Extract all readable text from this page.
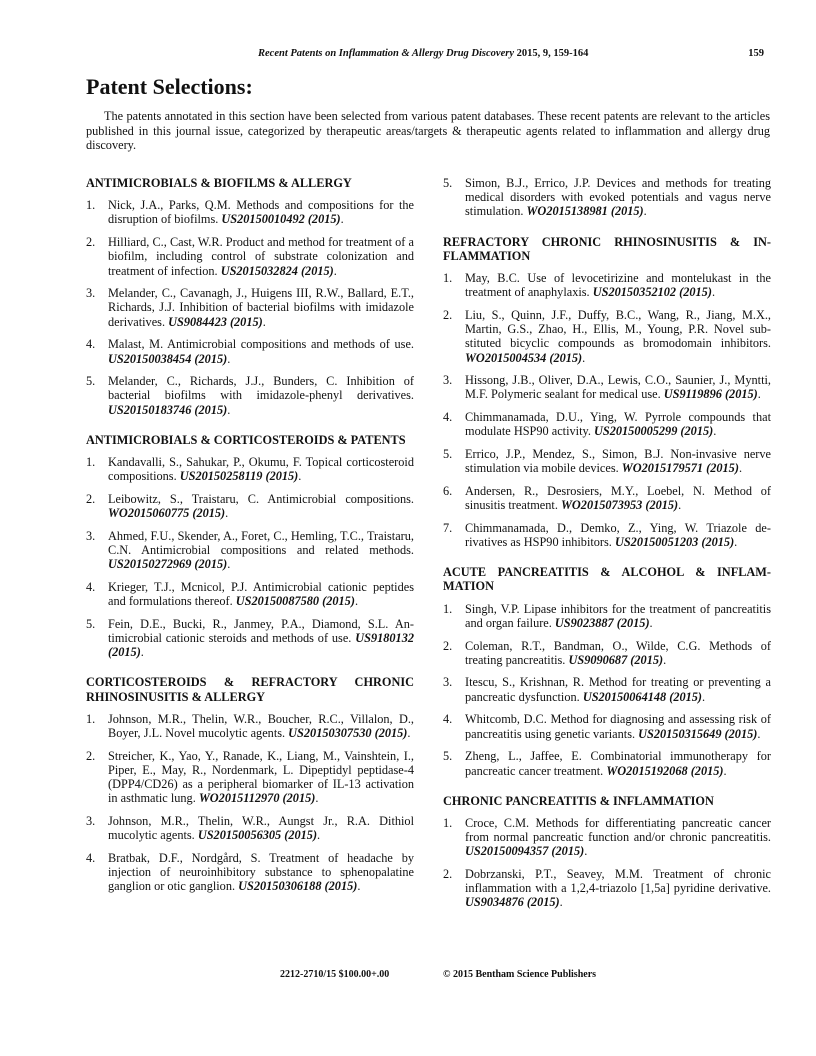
Recent Patents on Inflammation & Allergy Drug Discovery 2015, 9, 159-164	159
Patent Selections:

The patents annotated in this section have been selected from various patent databases. These recent patents are relevant to the articles published in this journal issue, categorized by therapeutic areas/targets & therapeutic agents related to inflammation and allergy drug discovery.

ANTIMICROBIALS & BIOFILMS & ALLERGY
1.	Nick, J.A., Parks, Q.M. Methods and compositions for the disruption of biofilms. US20150010492 (2015).
2.	Hilliard, C., Cast, W.R. Product and method for treatment of a biofilm, including control of substrate colonization and treatment of infection. US2015032824 (2015).
3.	Melander, C., Cavanagh, J., Huigens III, R.W., Ballard, E.T., Richards, J.J. Inhibition of bacterial biofilms with imidazole derivatives. US9084423 (2015).
4.	Malast, M. Antimicrobial compositions and methods of use. US20150038454 (2015).
5.	Melander, C., Richards, J.J., Bunders, C. Inhibition of bacterial biofilms with imidazole-phenyl derivatives. US20150183746 (2015).
ANTIMICROBIALS & CORTICOSTEROIDS & PATENTS
1.	Kandavalli, S., Sahukar, P., Okumu, F. Topical corticosteroid compositions. US20150258119 (2015).
2.	Leibowitz, S., Traistaru, C. Antimicrobial compositions. WO2015060775 (2015).
3.	Ahmed, F.U., Skender, A., Foret, C., Hemling, T.C., Traistaru, C.N. Antimicrobial compositions and related methods. US20150272969 (2015).
4.	Krieger, T.J., Mcnicol, P.J. Antimicrobial cationic peptides and formulations thereof. US20150087580 (2015).
5.	Fein, D.E., Bucki, R., Janmey, P.A., Diamond, S.L. Antimicrobial cationic steroids and methods of use. US9180132 (2015).
CORTICOSTEROIDS & REFRACTORY CHRONIC RHINOSINUSITIS & ALLERGY
1.	Johnson, M.R., Thelin, W.R., Boucher, R.C., Villalon, D., Boyer, J.L. Novel mucolytic agents. US20150307530 (2015).
2.	Streicher, K., Yao, Y., Ranade, K., Liang, M., Vainshtein, I., Piper, E., May, R., Nordenmark, L. Dipeptidyl peptidase-4 (DPP4/CD26) as a peripheral biomarker of IL-13 activation in asthmatic lung. WO2015112970 (2015).
3.	Johnson, M.R., Thelin, W.R., Aungst Jr., R.A. Dithiol mucolytic agents. US20150056305 (2015).
4.	Bratbak, D.F., Nordgård, S. Treatment of headache by injection of neuroinhibitory substance to sphenopalatine ganglion or otic ganglion. US20150306188 (2015).
5.	Simon, B.J., Errico, J.P. Devices and methods for treating medical disorders with evoked potentials and vagus nerve stimulation. WO2015138981 (2015).
REFRACTORY CHRONIC RHINOSINUSITIS & INFLAMMATION
1.	May, B.C. Use of levocetirizine and montelukast in the treatment of anaphylaxis. US20150352102 (2015).
2.	Liu, S., Quinn, J.F., Duffy, B.C., Wang, R., Jiang, M.X., Martin, G.S., Zhao, H., Ellis, M., Young, P.R. Novel substituted bicyclic compounds as bromodomain inhibitors. WO2015004534 (2015).
3.	Hissong, J.B., Oliver, D.A., Lewis, C.O., Saunier, J., Myntti, M.F. Polymeric sealant for medical use. US9119896 (2015).
4.	Chimmanamada, D.U., Ying, W. Pyrrole compounds that modulate HSP90 activity. US20150005299 (2015).
5.	Errico, J.P., Mendez, S., Simon, B.J. Non-invasive nerve stimulation via mobile devices. WO2015179571 (2015).
6.	Andersen, R., Desrosiers, M.Y., Loebel, N. Method of sinusitis treatment. WO2015073953 (2015).
7.	Chimmanamada, D., Demko, Z., Ying, W. Triazole derivatives as HSP90 inhibitors. US20150051203 (2015).
ACUTE PANCREATITIS & ALCOHOL & INFLAMMATION
1.	Singh, V.P. Lipase inhibitors for the treatment of pancreatitis and organ failure. US9023887 (2015).
2.	Coleman, R.T., Bandman, O., Wilde, C.G. Methods of treating pancreatitis. US9090687 (2015).
3.	Itescu, S., Krishnan, R. Method for treating or preventing a pancreatic dysfunction. US20150064148 (2015).
4.	Whitcomb, D.C. Method for diagnosing and assessing risk of pancreatitis using genetic variants. US20150315649 (2015).
5.	Zheng, L., Jaffee, E. Combinatorial immunotherapy for pancreatic cancer treatment. WO2015192068 (2015).
CHRONIC PANCREATITIS & INFLAMMATION
1.	Croce, C.M. Methods for differentiating pancreatic cancer from normal pancreatic function and/or chronic pancreatitis. US20150094357 (2015).
2.	Dobrzanski, P.T., Seavey, M.M. Treatment of chronic inflammation with a 1,2,4-triazolo [1,5a] pyridine derivative. US9034876 (2015).
2212-2710/15 $100.00+.00	© 2015 Bentham Science Publishers
